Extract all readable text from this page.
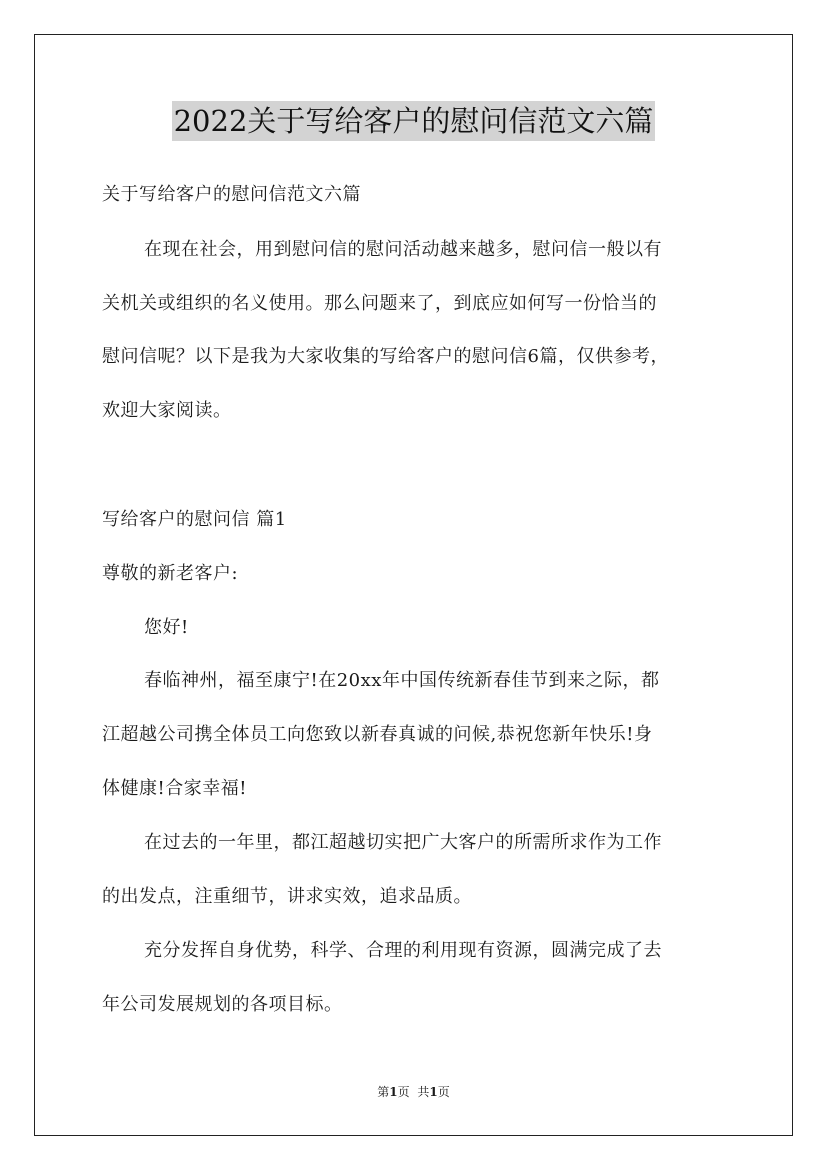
2022关于写给客户的慰问信范文六篇
关于写给客户的慰问信范文六篇
在现在社会，用到慰问信的慰问活动越来越多，慰问信一般以有
关机关或组织的名义使用。那么问题来了，到底应如何写一份恰当的
慰问信呢？以下是我为大家收集的写给客户的慰问信6篇，仅供参考，
欢迎大家阅读。
写给客户的慰问信 篇1
尊敬的新老客户:
您好!
春临神州，福至康宁!在20xx年中国传统新春佳节到来之际，都
江超越公司携全体员工向您致以新春真诚的问候,恭祝您新年快乐!身
体健康!合家幸福!
在过去的一年里，都江超越切实把广大客户的所需所求作为工作
的出发点，注重细节，讲求实效，追求品质。
充分发挥自身优势，科学、合理的利用现有资源，圆满完成了去
年公司发展规划的各项目标。
第1页 共1页
